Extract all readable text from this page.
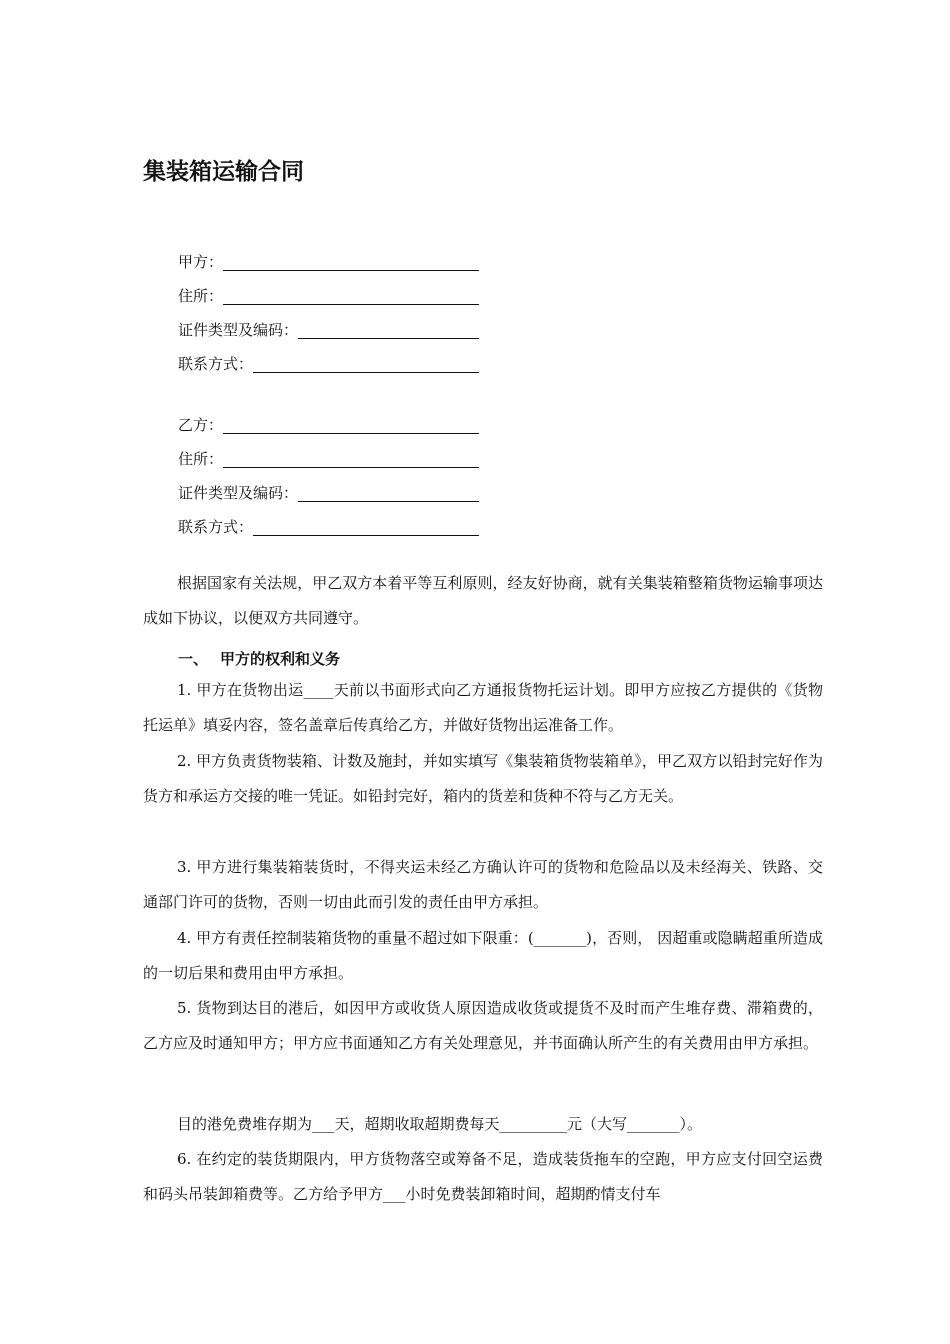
集装箱运输合同
甲方：
住所：
证件类型及编码：
联系方式：
乙方：
住所：
证件类型及编码：
联系方式：

根据国家有关法规，甲乙双方本着平等互利原则，经友好协商，就有关集装箱整箱货物运输事项达成如下协议，以便双方共同遵守。

一、 甲方的权利和义务

1. 甲方在货物出运____天前以书面形式向乙方通报货物托运计划。即甲方应按乙方提供的《货物托运单》填妥内容，签名盖章后传真给乙方，并做好货物出运准备工作。

2. 甲方负责货物装箱、计数及施封，并如实填写《集装箱货物装箱单》，甲乙双方以铅封完好作为货方和承运方交接的唯一凭证。如铅封完好，箱内的货差和货种不符与乙方无关。

3. 甲方进行集装箱装货时，不得夹运未经乙方确认许可的货物和危险品以及未经海关、铁路、交通部门许可的货物，否则一切由此而引发的责任由甲方承担。

4. 甲方有责任控制装箱货物的重量不超过如下限重：(_______)，否则， 因超重或隐瞒超重所造成的一切后果和费用由甲方承担。

5. 货物到达目的港后，如因甲方或收货人原因造成收货或提货不及时而产生堆存费、滞箱费的，乙方应及时通知甲方；甲方应书面通知乙方有关处理意见，并书面确认所产生的有关费用由甲方承担。

目的港免费堆存期为___天，超期收取超期费每天_________元（大写_______）。

6. 在约定的装货期限内，甲方货物落空或筹备不足，造成装货拖车的空跑，甲方应支付回空运费和码头吊装卸箱费等。乙方给予甲方___小时免费装卸箱时间，超期酌情支付车
